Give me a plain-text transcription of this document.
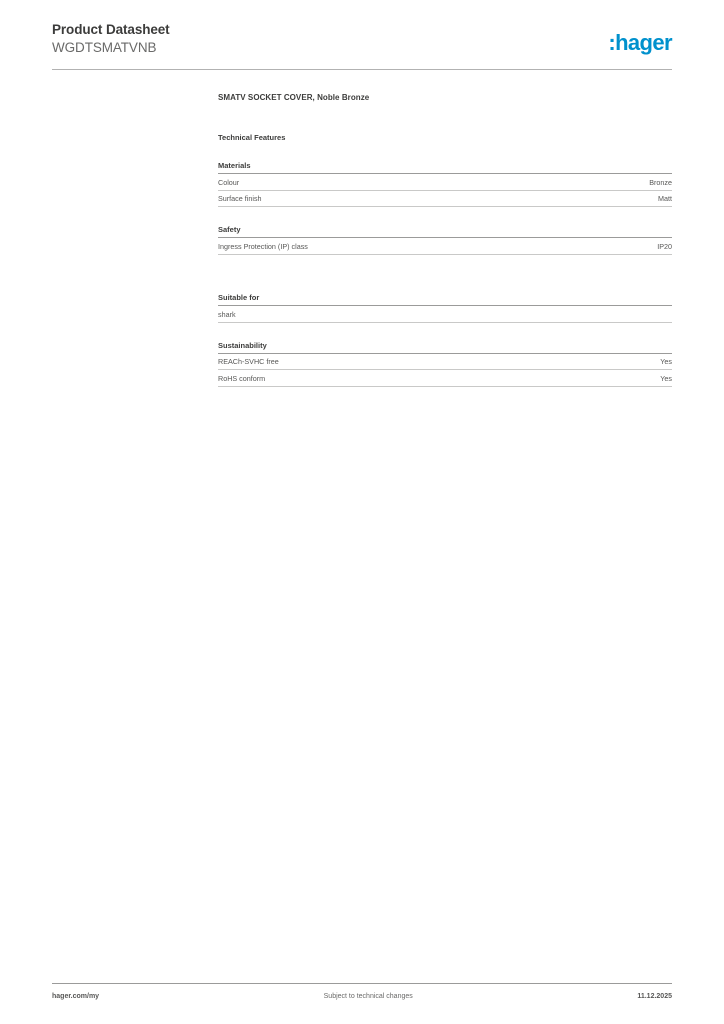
Product Datasheet
WGDTSMATVNB	:hager
SMATV SOCKET COVER, Noble Bronze
Technical Features
Materials
Colour	Bronze
Surface finish	Matt
Safety
Ingress Protection (IP) class	IP20
Suitable for
shark
Sustainability
REACh-SVHC free	Yes
RoHS conform	Yes
hager.com/my	Subject to technical changes	11.12.2025
